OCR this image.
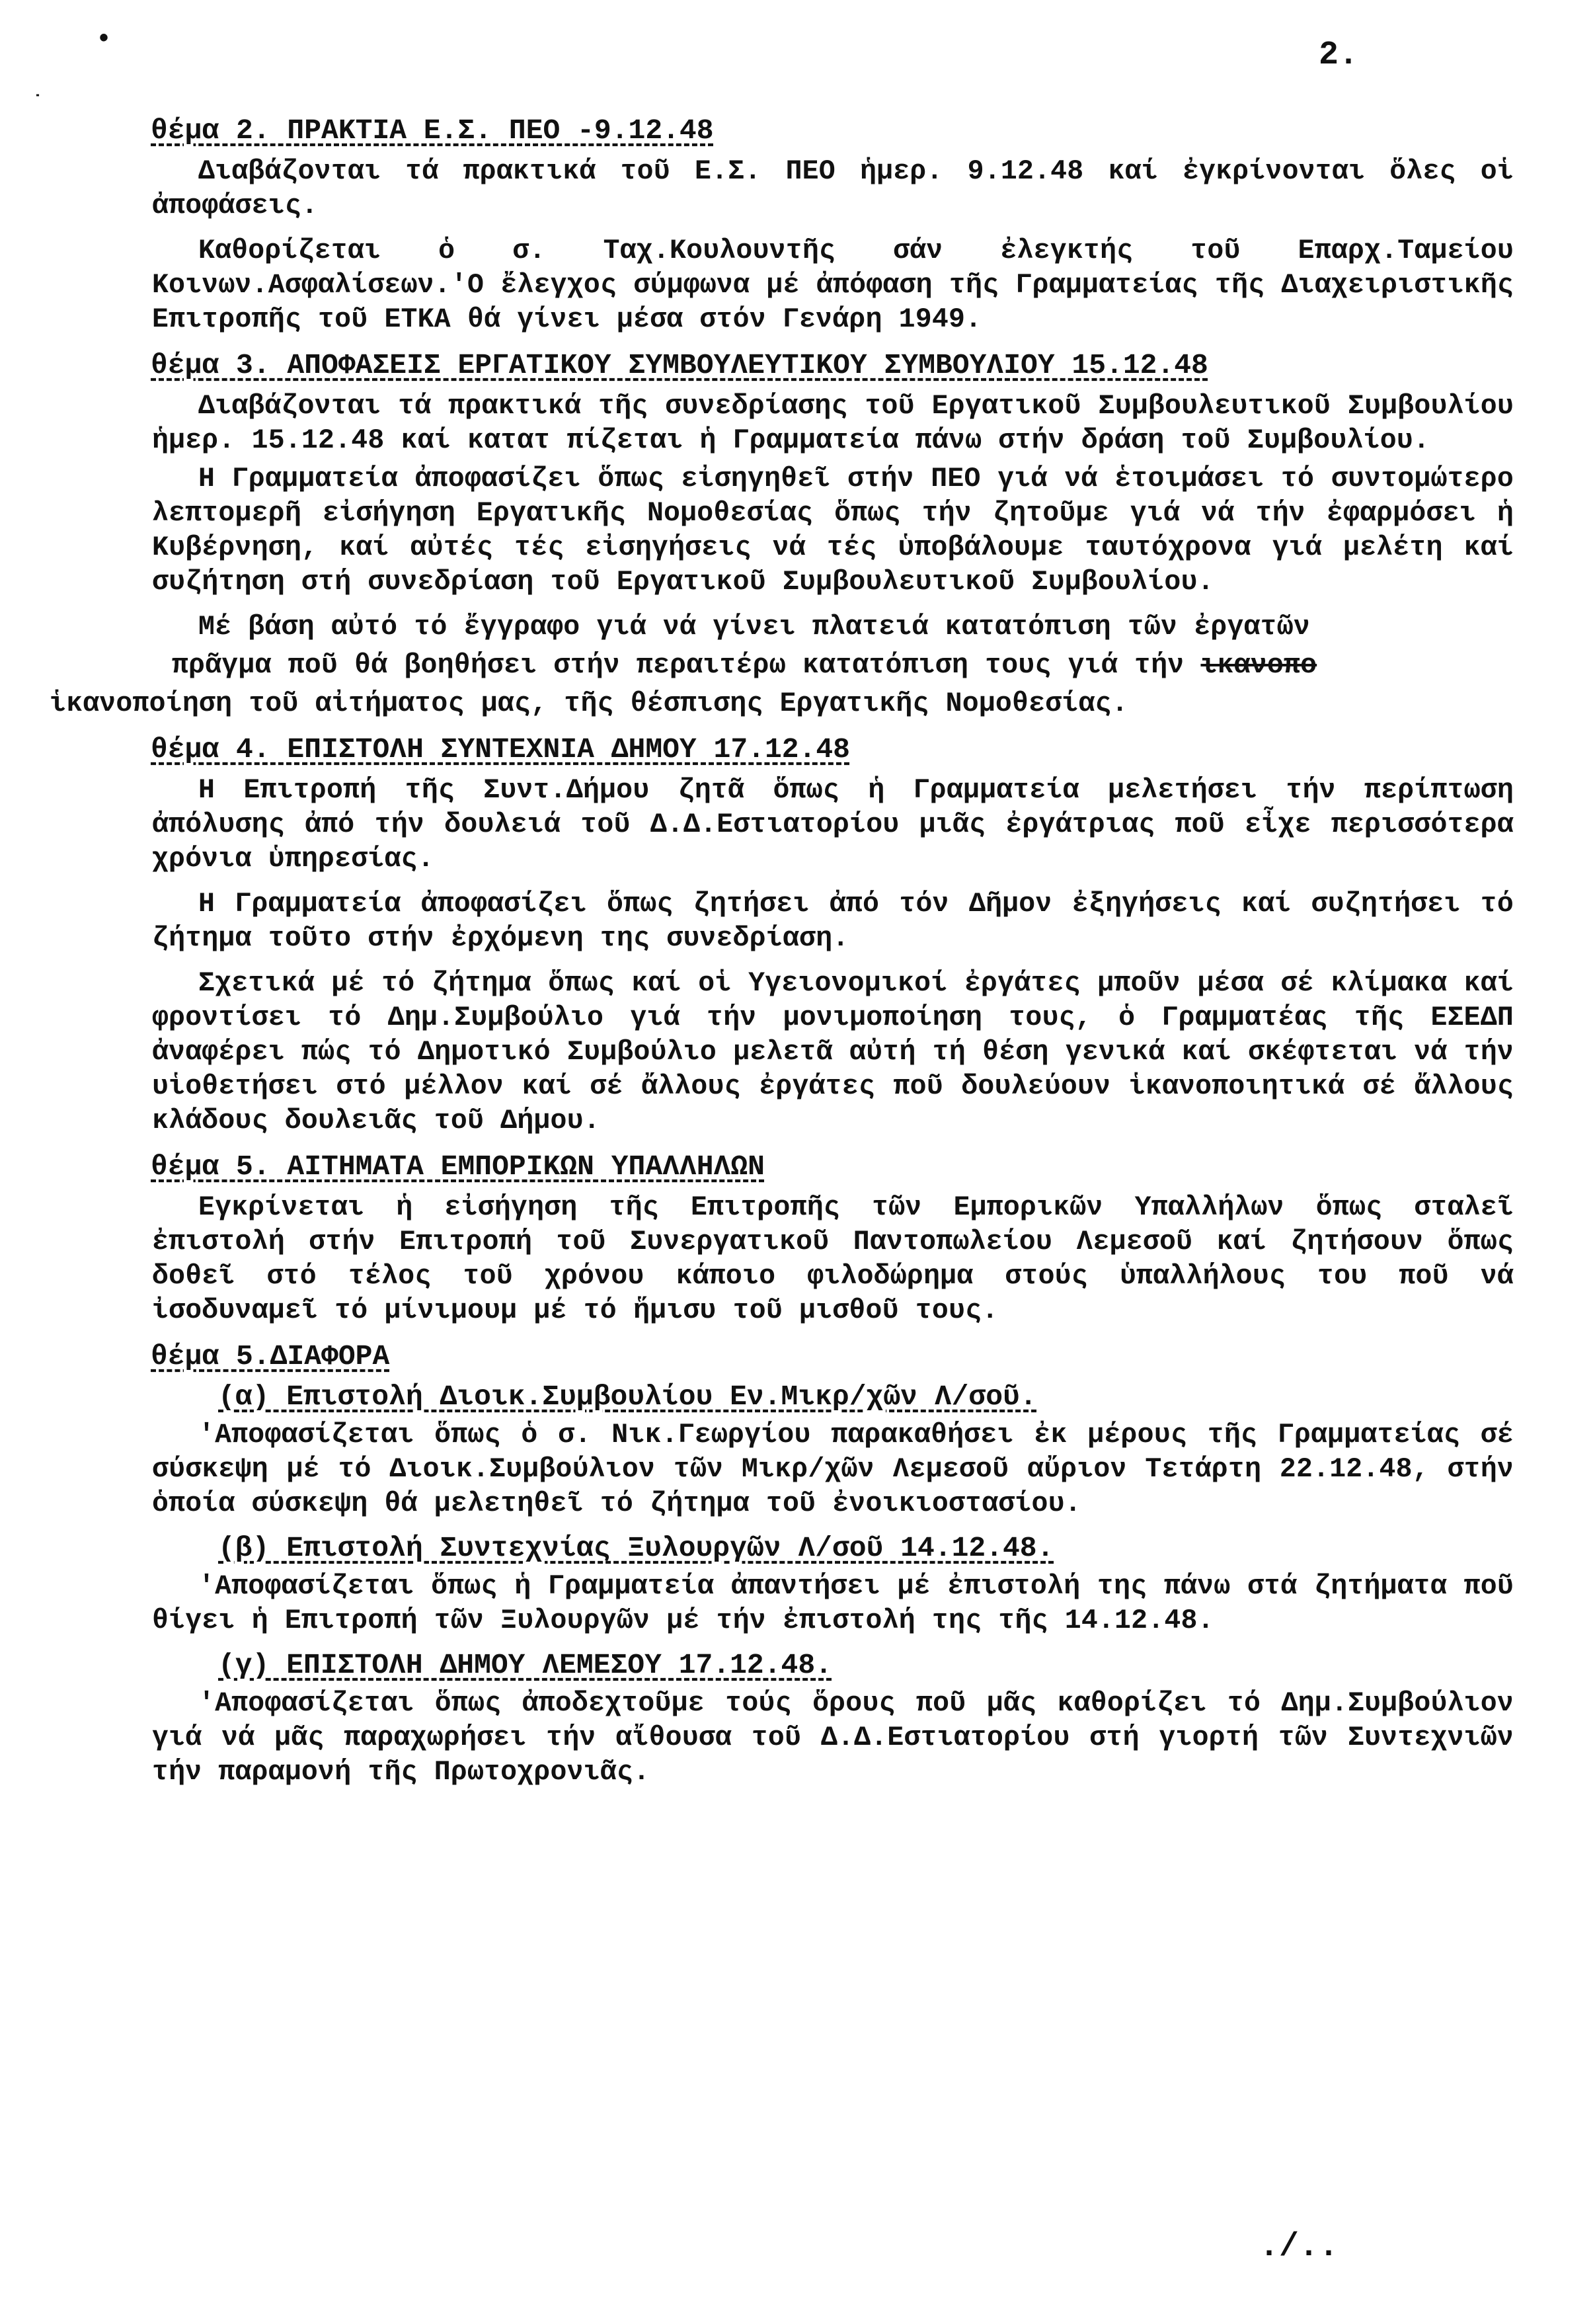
•
˙
2.
θέμα 2. ΠΡΑΚΤΙΑ Ε.Σ. ΠΕΟ -9.12.48

Διαβάζονται τά πρακτικά τοῦ Ε.Σ. ΠΕΟ ἡμερ. 9.12.48 καί ἐγκρίνονται ὅλες οἱ ἀποφάσεις.

Καθορίζεται ὁ σ. Ταχ.Κουλουντῆς σάν ἐλεγκτής τοῦ Επαρχ.Ταμείου Κοινων.Ασφαλίσεων.'Ο ἔλεγχος σύμφωνα μέ ἀπόφαση τῆς Γραμματείας τῆς Διαχειριστικῆς Επιτροπῆς τοῦ ΕΤΚΑ θά γίνει μέσα στόν Γενάρη 1949.

θέμα 3. ΑΠΟΦΑΣΕΙΣ ΕΡΓΑΤΙΚΟΥ ΣΥΜΒΟΥΛΕΥΤΙΚΟΥ ΣΥΜΒΟΥΛΙΟΥ 15.12.48

Διαβάζονται τά πρακτικά τῆς συνεδρίασης τοῦ Εργατικοῦ Συμβουλευτικοῦ Συμβουλίου ἡμερ. 15.12.48 καί κατατ πίζεται ἡ Γραμματεία πάνω στήν δράση τοῦ Συμβουλίου.

Η Γραμματεία ἀποφασίζει ὅπως εἰσηγηθεῖ στήν ΠΕΟ γιά νά ἑτοιμάσει τό συντομώτερο λεπτομερῆ εἰσήγηση Εργατικῆς Νομοθεσίας ὅπως τήν ζητοῦμε γιά νά τήν ἐφαρμόσει ἡ Κυβέρνηση, καί αὐτές τές εἰσηγήσεις νά τές ὑποβάλουμε ταυτόχρονα γιά μελέτη καί συζήτηση στή συνεδρίαση τοῦ Εργατικοῦ Συμβουλευτικοῦ Συμβουλίου.

Μέ βάση αὐτό τό ἔγγραφο γιά νά γίνει πλατειά κατατόπιση τῶν ἐργατῶν

πρᾶγμα ποῦ θά βοηθήσει στήν περαιτέρω κατατόπιση τους γιά τήν ικανοπο

ἱκανοποίηση τοῦ αἰτήματος μας, τῆς θέσπισης Εργατικῆς Νομοθεσίας.

θέμα 4. ΕΠΙΣΤΟΛΗ ΣΥΝΤΕΧΝΙΑ ΔΗΜΟΥ 17.12.48

Η Επιτροπή τῆς Συντ.Δήμου ζητᾶ ὅπως ἡ Γραμματεία μελετήσει τήν περίπτωση ἀπόλυσης ἀπό τήν δουλειά τοῦ Δ.Δ.Εστιατορίου μιᾶς ἐργάτριας ποῦ εἶχε περισσότερα χρόνια ὑπηρεσίας.

Η Γραμματεία ἀποφασίζει ὅπως ζητήσει ἀπό τόν Δῆμον ἐξηγήσεις καί συζητήσει τό ζήτημα τοῦτο στήν ἐρχόμενη της συνεδρίαση.

Σχετικά μέ τό ζήτημα ὅπως καί οἱ Υγειονομικοί ἐργάτες μποῦν μέσα σέ κλίμακα καί φροντίσει τό Δημ.Συμβούλιο γιά τήν μονιμοποίηση τους, ὁ Γραμματέας τῆς ΕΣΕΔΠ ἀναφέρει πώς τό Δημοτικό Συμβούλιο μελετᾶ αὐτή τή θέση γενικά καί σκέφτεται νά τήν υἱοθετήσει στό μέλλον καί σέ ἄλλους ἐργάτες ποῦ δουλεύουν ἱκανοποιητικά σέ ἄλλους κλάδους δουλειᾶς τοῦ Δήμου.

θέμα 5. ΑΙΤΗΜΑΤΑ ΕΜΠΟΡΙΚΩΝ ΥΠΑΛΛΗΛΩΝ

Εγκρίνεται ἡ εἰσήγηση τῆς Επιτροπῆς τῶν Εμπορικῶν Υπαλλήλων ὅπως σταλεῖ ἐπιστολή στήν Επιτροπή τοῦ Συνεργατικοῦ Παντοπωλείου Λεμεσοῦ καί ζητήσουν ὅπως δοθεῖ στό τέλος τοῦ χρόνου κάποιο φιλοδώρημα στούς ὑπαλλήλους του ποῦ νά ἰσοδυναμεῖ τό μίνιμουμ μέ τό ἥμισυ τοῦ μισθοῦ τους.

θέμα 5.ΔΙΑΦΟΡΑ
(α) Επιστολή Διοικ.Συμβουλίου Εν.Μικρ/χῶν Λ/σοῦ.

'Αποφασίζεται ὅπως ὁ σ. Νικ.Γεωργίου παρακαθήσει ἐκ μέρους τῆς Γραμματείας σέ σύσκεψη μέ τό Διοικ.Συμβούλιον τῶν Μικρ/χῶν Λεμεσοῦ αὔριον Τετάρτη 22.12.48, στήν ὁποία σύσκεψη θά μελετηθεῖ τό ζήτημα τοῦ ἐνοικιοστασίου.

(β) Επιστολή Συντεχνίας Ξυλουργῶν Λ/σοῦ 14.12.48.

'Αποφασίζεται ὅπως ἡ Γραμματεία ἀπαντήσει μέ ἐπιστολή της πάνω στά ζητήματα ποῦ θίγει ἡ Επιτροπή τῶν Ξυλουργῶν μέ τήν ἐπιστολή της τῆς 14.12.48.

(γ) ΕΠΙΣΤΟΛΗ ΔΗΜΟΥ ΛΕΜΕΣΟΥ 17.12.48.

'Αποφασίζεται ὅπως ἀποδεχτοῦμε τούς ὅρους ποῦ μᾶς καθορίζει τό Δημ.Συμβούλιον γιά νά μᾶς παραχωρήσει τήν αἴθουσα τοῦ Δ.Δ.Εστιατορίου στή γιορτή τῶν Συντεχνιῶν τήν παραμονή τῆς Πρωτοχρονιᾶς.

./..
